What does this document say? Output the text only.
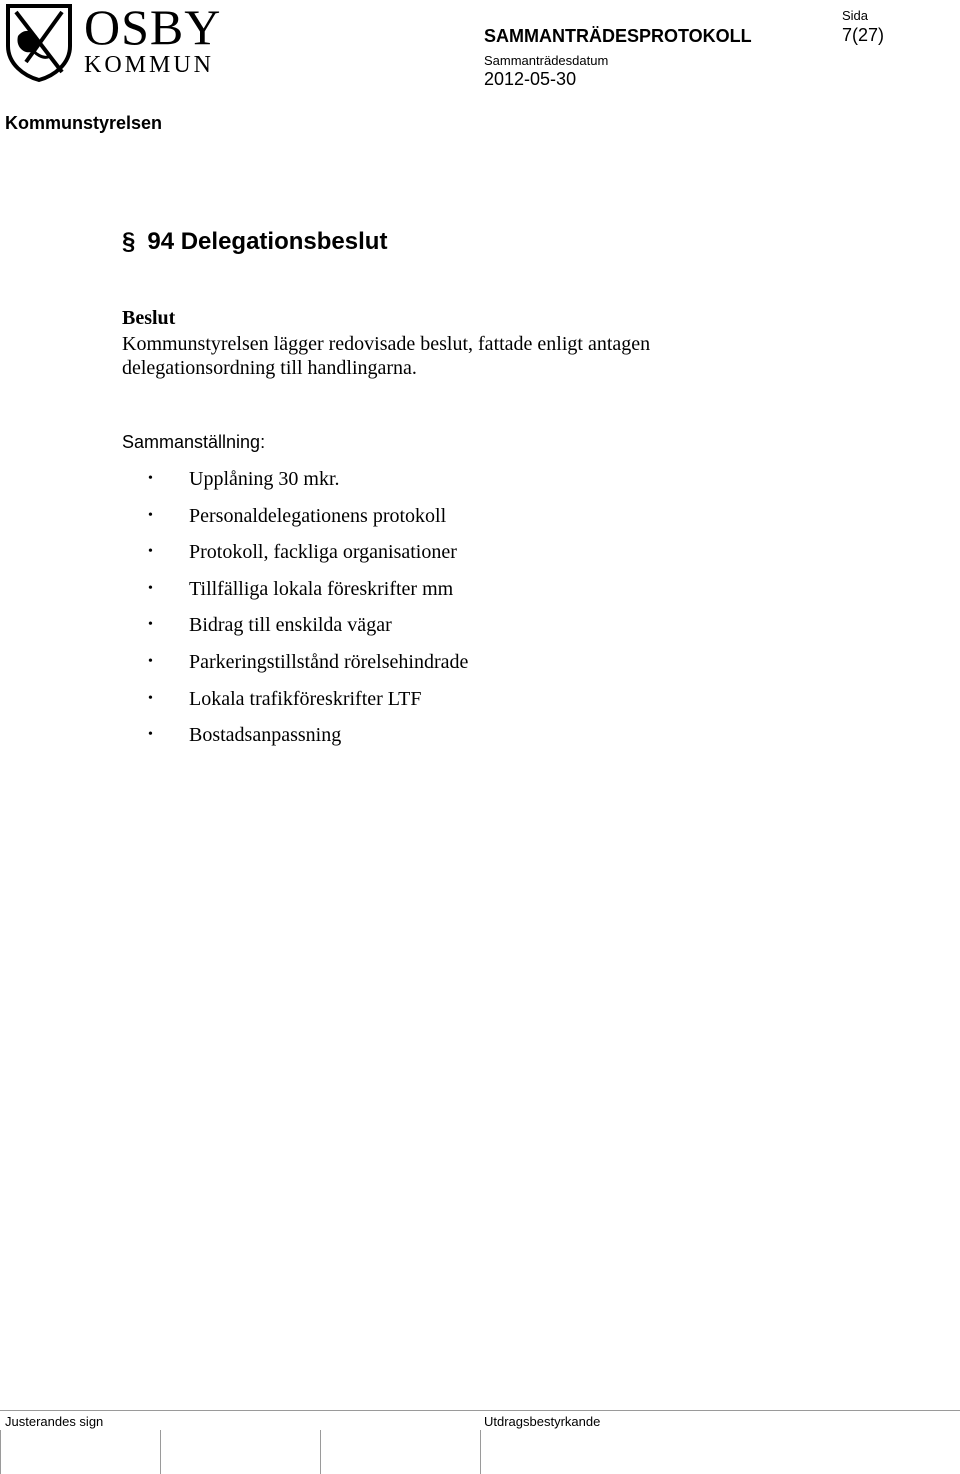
OSBY
KOMMUN
SAMMANTRÄDESPROTOKOLL
Sammanträdesdatum
2012-05-30
Sida
7(27)
Kommunstyrelsen
§ 94 Delegationsbeslut
Beslut
Kommunstyrelsen lägger redovisade beslut, fattade enligt antagen delegationsordning till handlingarna.
Sammanställning:
• Upplåning 30 mkr.
• Personaldelegationens protokoll
• Protokoll, fackliga organisationer
• Tillfälliga lokala föreskrifter mm
• Bidrag till enskilda vägar
• Parkeringstillstånd rörelsehindrade
• Lokala trafikföreskrifter LTF
• Bostadsanpassning
Justerandes sign	Utdragsbestyrkande
